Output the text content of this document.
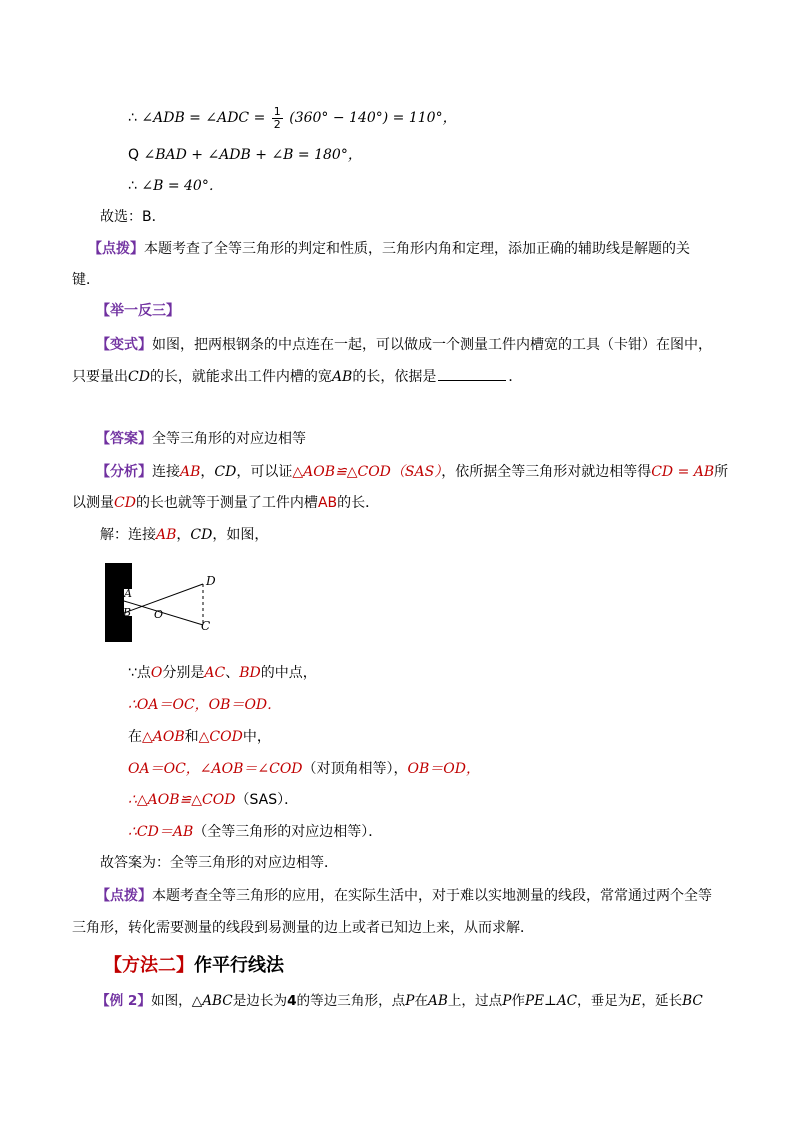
∴ ∠ADB = ∠ADC = $\frac{1}{2} (360^\circ - 140^\circ) = 110^\circ$，
Q ∠BAD + ∠ADB + ∠B = 180°，
∴ ∠B = 40°．
故选：B．
【点拨】本题考查了全等三角形的判定和性质，三角形内角和定理，添加正确的辅助线是解题的关
键．
【举一反三】
【变式】如图，把两根钢条的中点连在一起，可以做成一个测量工件内槽宽的工具（卡钳）在图中，
只要量出CD的长，就能求出工件内槽的宽AB的长，依据是	．
【答案】全等三角形的对应边相等
【分析】连接AB，CD，可以证△AOB≌△COD（SAS），依所据全等三角形对就边相等得CD = AB所
以测量CD的长也就等于测量了工件内槽AB的长．
解：连接AB，CD，如图，
A
B O
D
C
∵点O分别是AC、BD的中点，
∴OA＝OC，OB＝OD．
在△AOB和△COD中，
OA＝OC，∠AOB＝∠COD（对顶角相等），OB＝OD，
∴△AOB≌△COD（SAS）．
∴CD＝AB（全等三角形的对应边相等）．
故答案为：全等三角形的对应边相等．
【点拨】本题考查全等三角形的应用，在实际生活中，对于难以实地测量的线段，常常通过两个全等
三角形，转化需要测量的线段到易测量的边上或者已知边上来，从而求解．
【方法二】作平行线法
【例 2】如图，△ABC是边长为4的等边三角形，点P在AB上，过点P作PE⊥AC，垂足为E，延长BC
